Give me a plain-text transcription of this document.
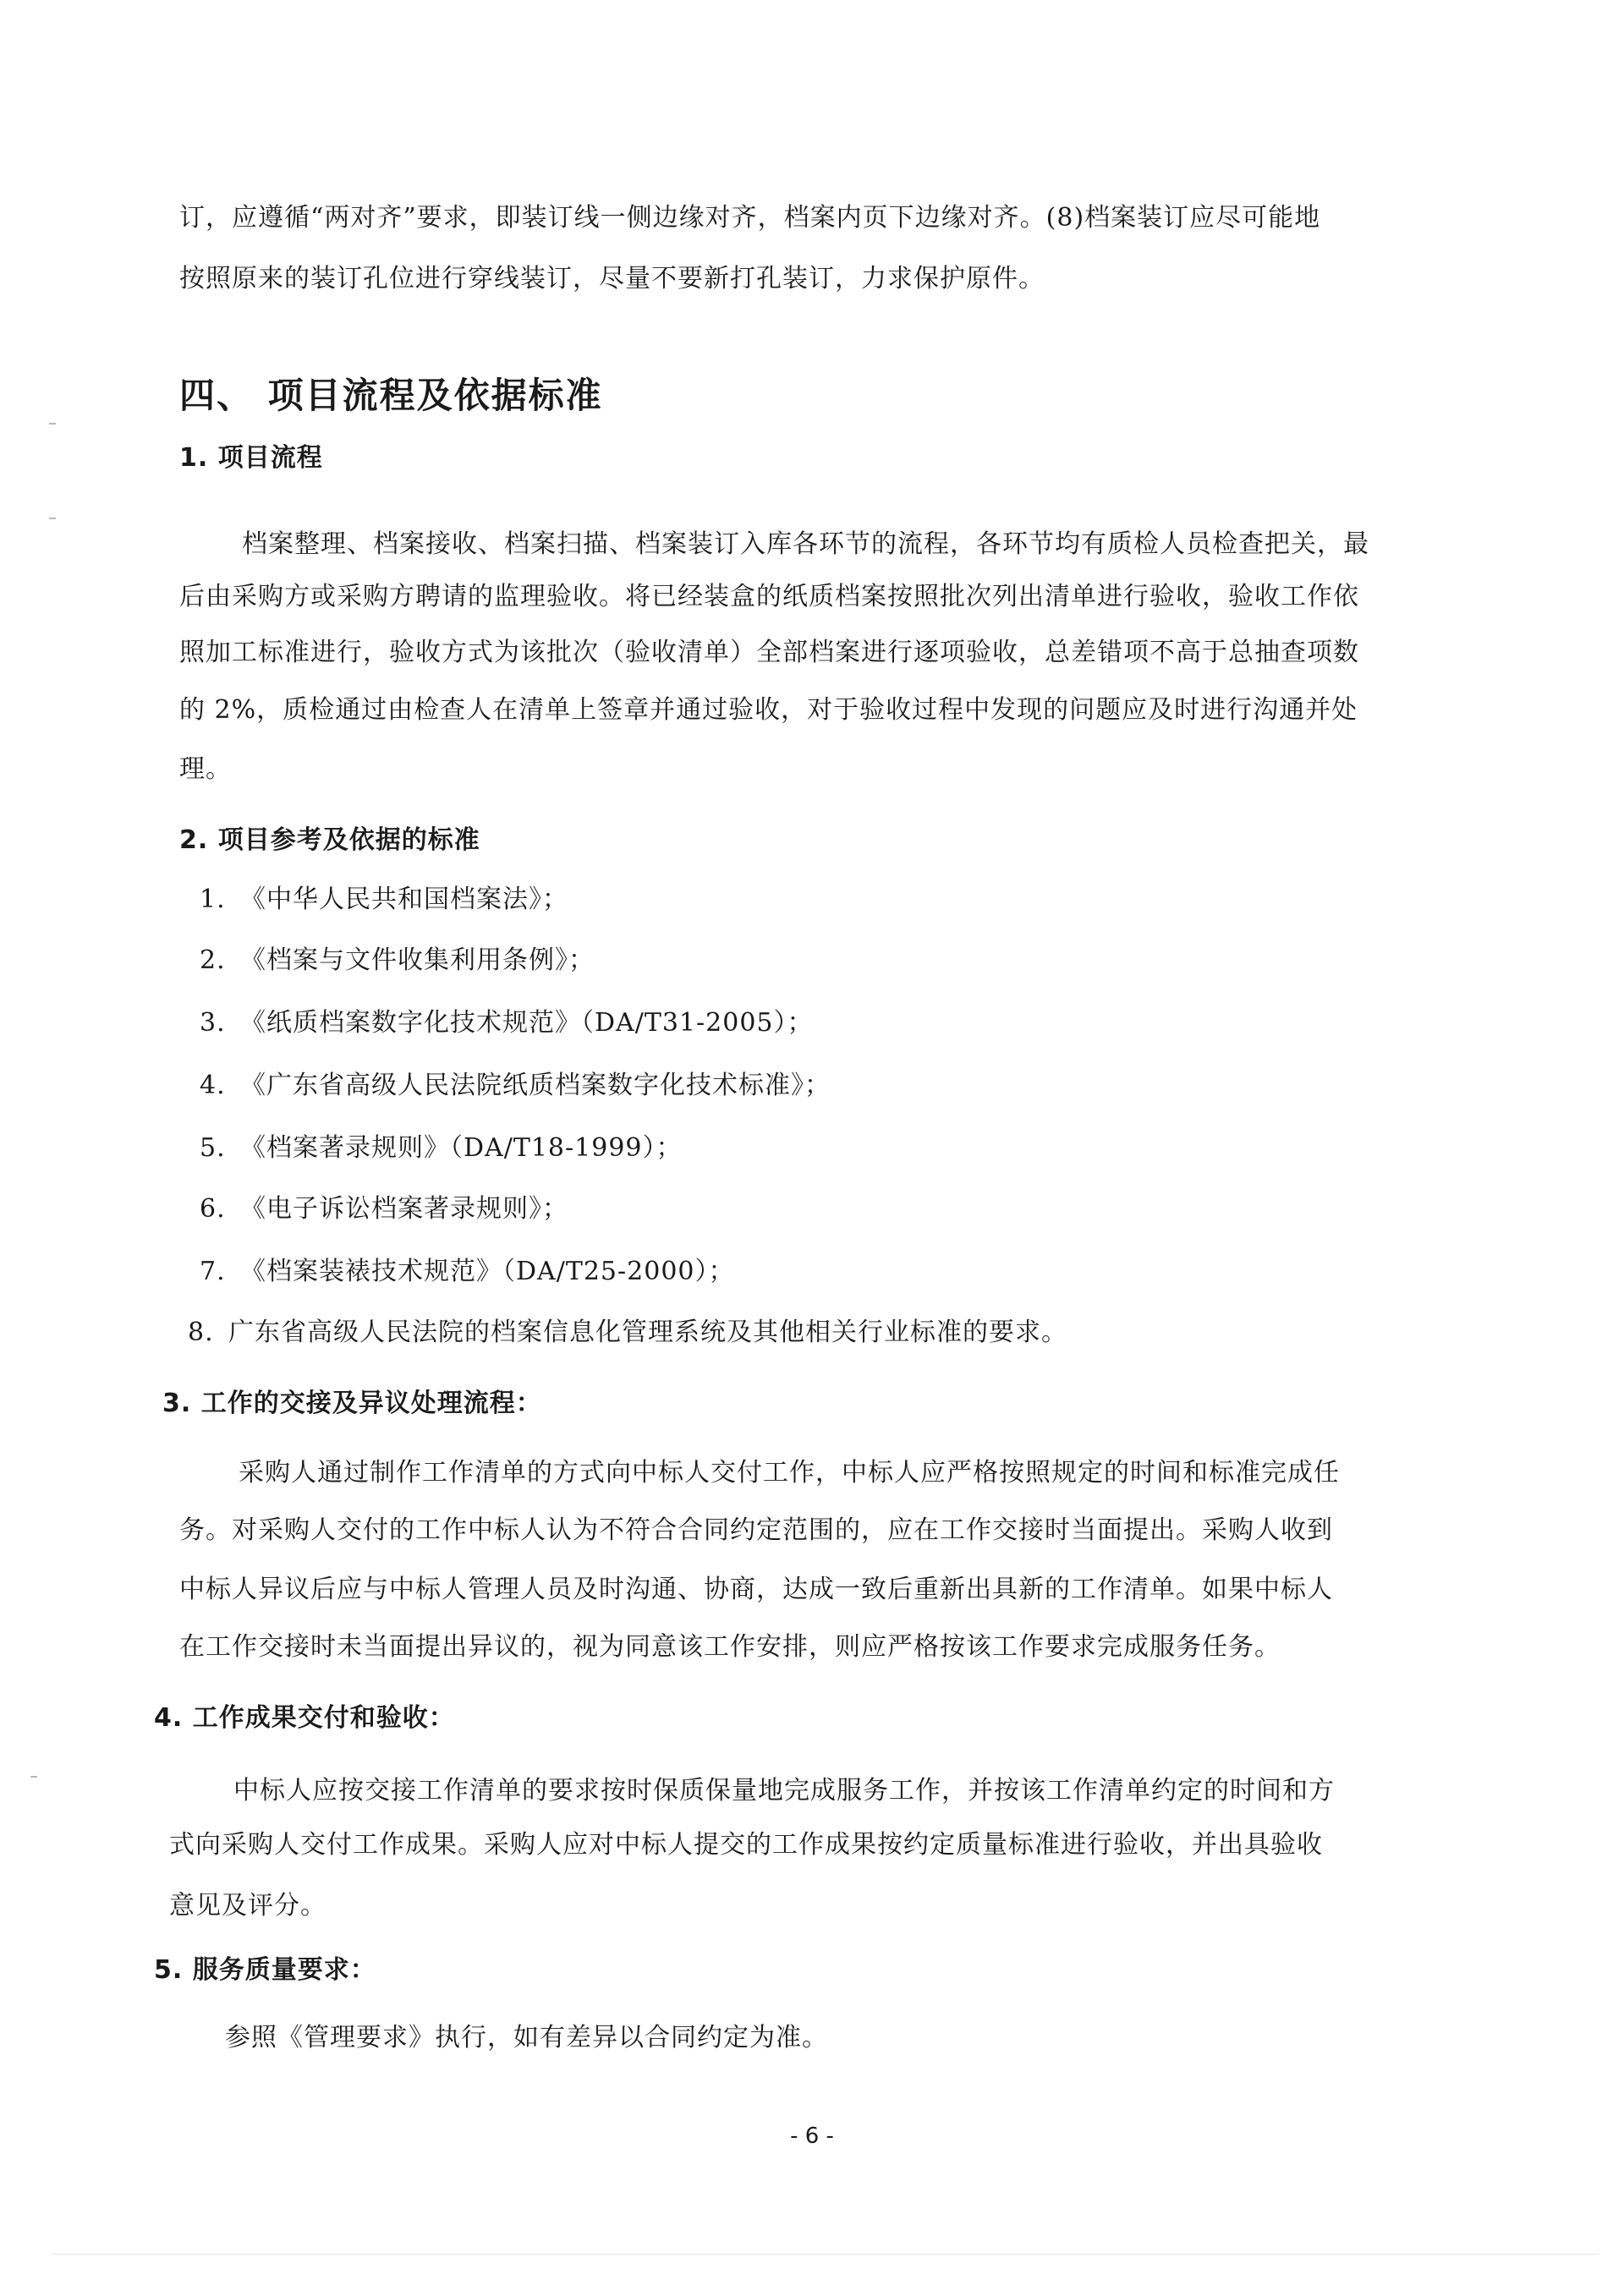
订，应遵循“两对齐”要求，即装订线一侧边缘对齐，档案内页下边缘对齐。(8)档案装订应尽可能地
按照原来的装订孔位进行穿线装订，尽量不要新打孔装订，力求保护原件。
四、 项目流程及依据标准
1. 项目流程
档案整理、档案接收、档案扫描、档案装订入库各环节的流程，各环节均有质检人员检查把关，最
后由采购方或采购方聘请的监理验收。将已经装盒的纸质档案按照批次列出清单进行验收，验收工作依
照加工标准进行，验收方式为该批次（验收清单）全部档案进行逐项验收，总差错项不高于总抽查项数
的 2%，质检通过由检查人在清单上签章并通过验收，对于验收过程中发现的问题应及时进行沟通并处
理。
2. 项目参考及依据的标准
1. 《中华人民共和国档案法》；
2. 《档案与文件收集利用条例》；
3. 《纸质档案数字化技术规范》（DA/T31-2005）；
4. 《广东省高级人民法院纸质档案数字化技术标准》；
5. 《档案著录规则》（DA/T18-1999）；
6. 《电子诉讼档案著录规则》；
7. 《档案装裱技术规范》（DA/T25-2000）；
8. 广东省高级人民法院的档案信息化管理系统及其他相关行业标准的要求。
3. 工作的交接及异议处理流程：
采购人通过制作工作清单的方式向中标人交付工作，中标人应严格按照规定的时间和标准完成任
务。对采购人交付的工作中标人认为不符合合同约定范围的，应在工作交接时当面提出。采购人收到
中标人异议后应与中标人管理人员及时沟通、协商，达成一致后重新出具新的工作清单。如果中标人
在工作交接时未当面提出异议的，视为同意该工作安排，则应严格按该工作要求完成服务任务。
4. 工作成果交付和验收：
中标人应按交接工作清单的要求按时保质保量地完成服务工作，并按该工作清单约定的时间和方
式向采购人交付工作成果。采购人应对中标人提交的工作成果按约定质量标准进行验收，并出具验收
意见及评分。
5. 服务质量要求：
参照《管理要求》执行，如有差异以合同约定为准。
- 6 -
